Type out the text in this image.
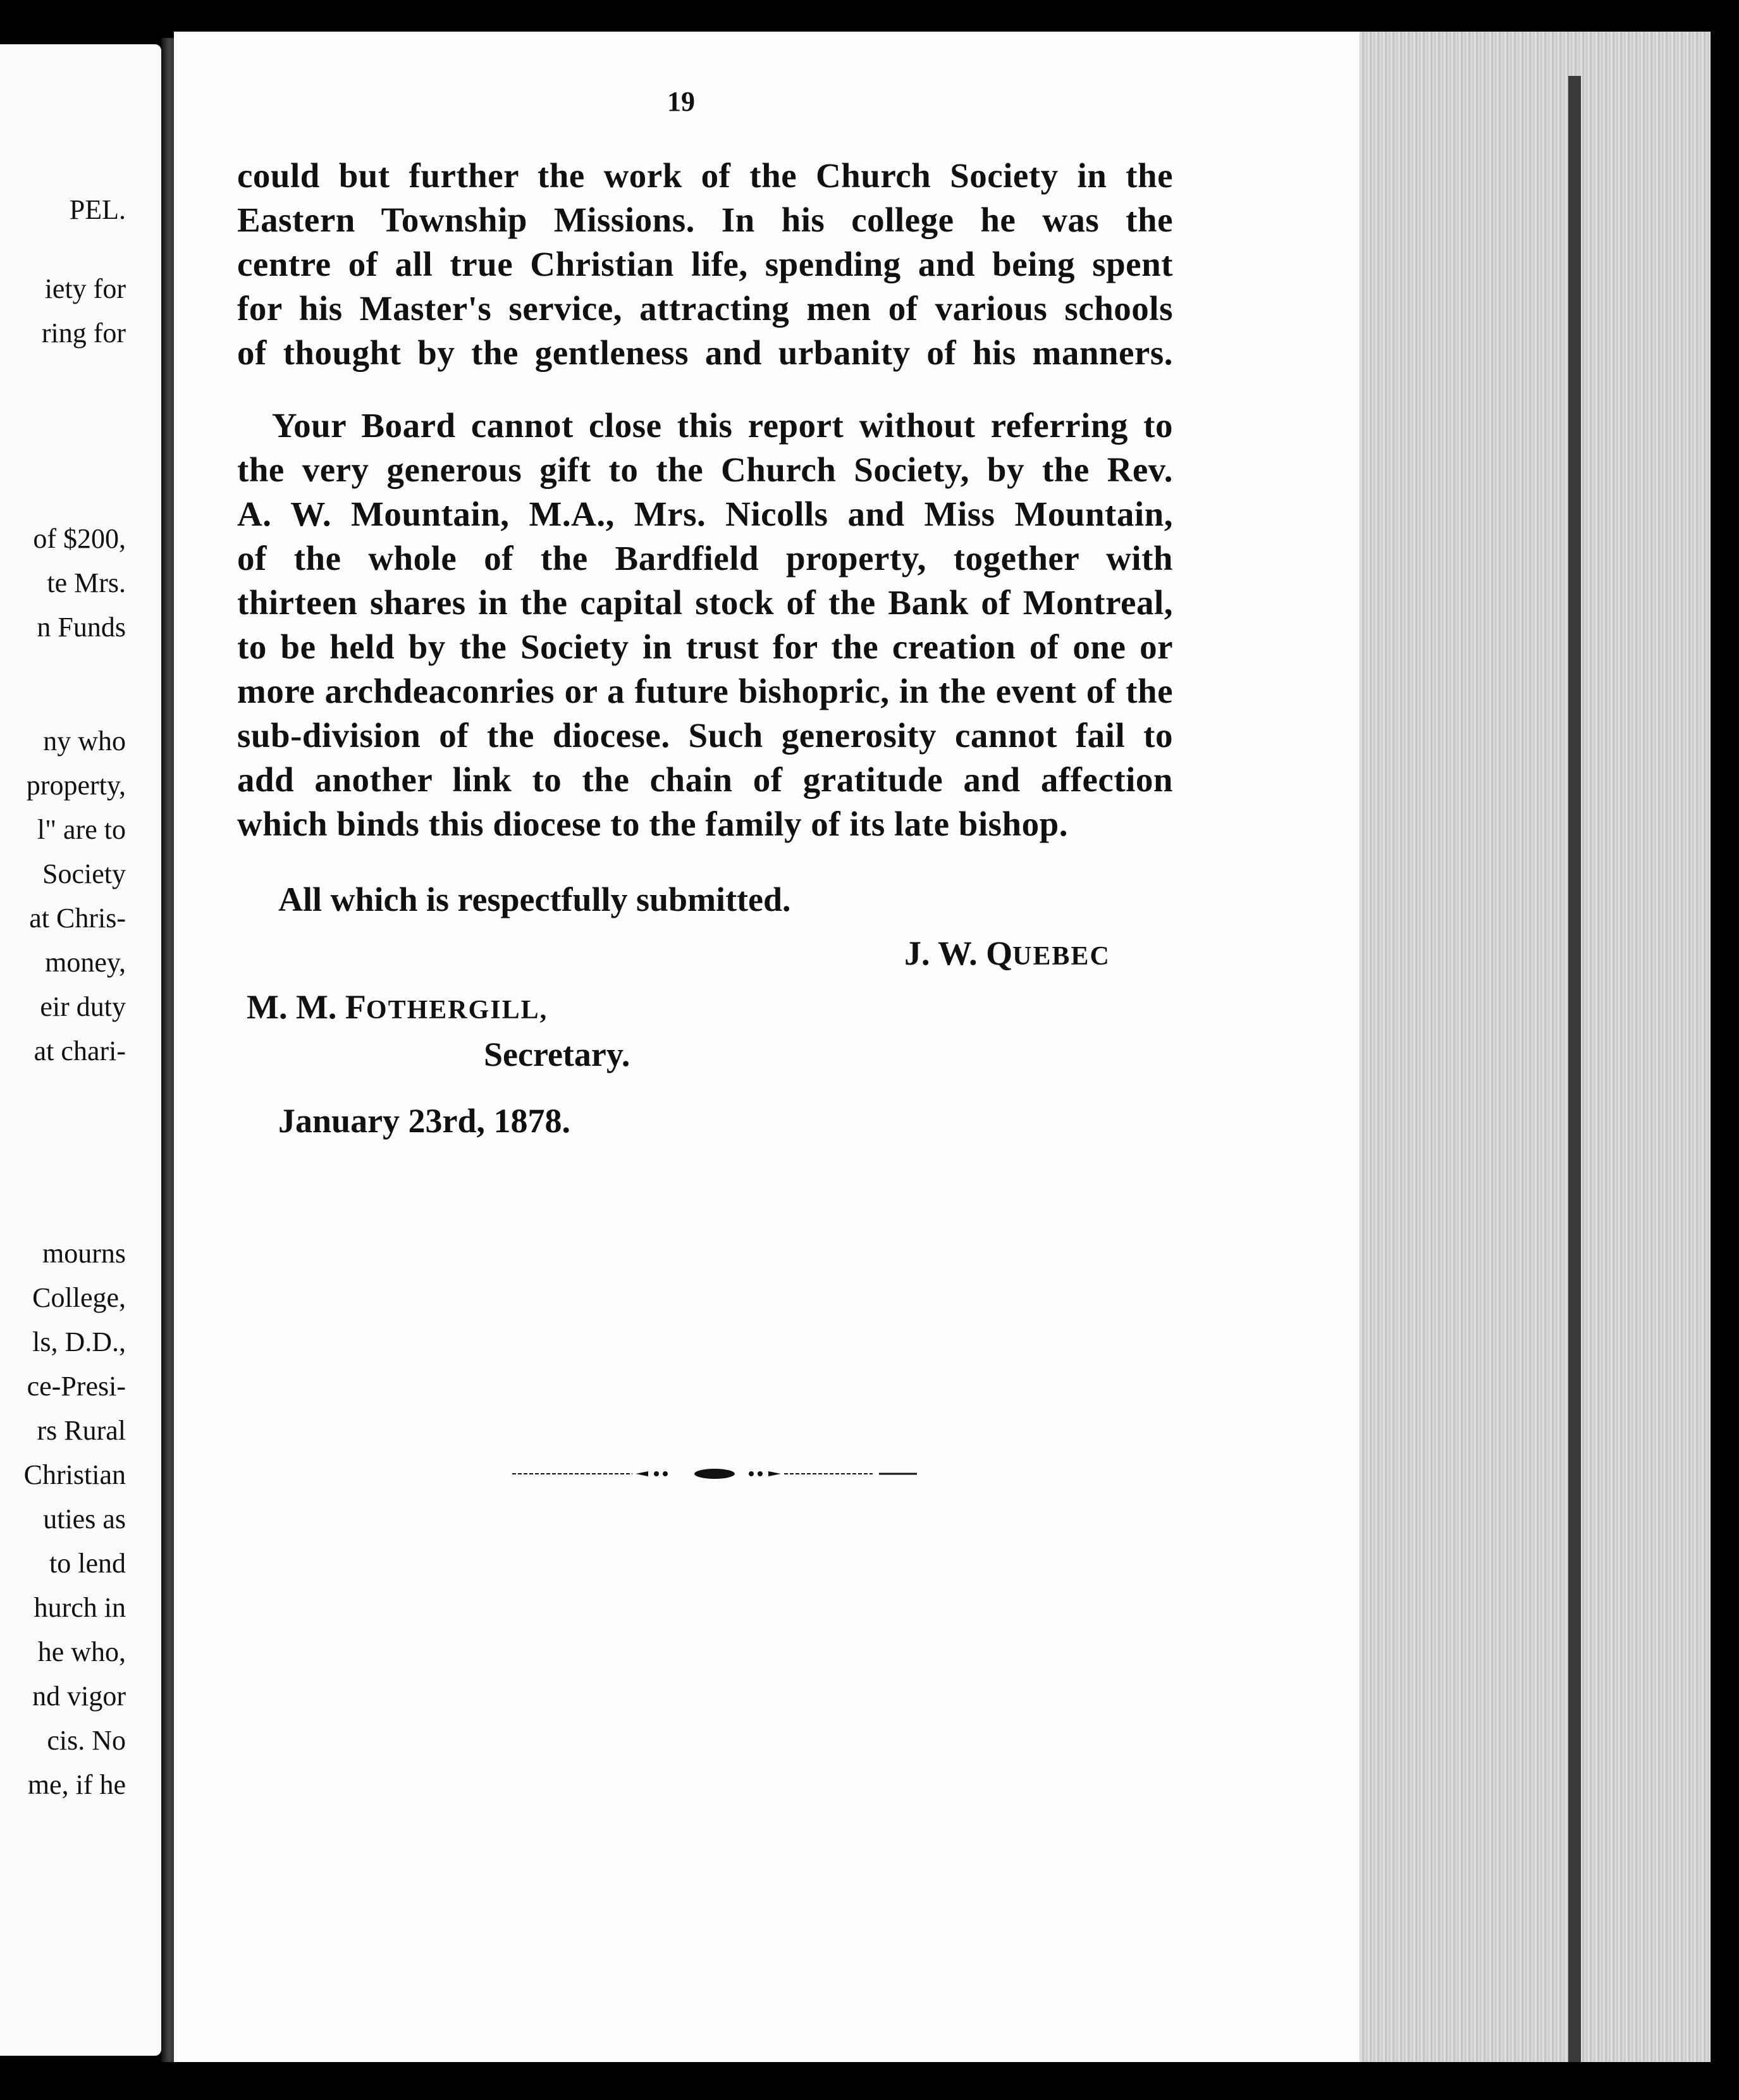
PEL.
iety for
ring for
of $200,
te Mrs.
n Funds
ny who
property,
l" are to
Society
at Chris-
money,
eir duty
at chari-
mourns
College,
ls, D.D.,
ce-Presi-
rs Rural
Christian
uties as
to lend
hurch in
he who,
nd vigor
cis. No
me, if he
19
could but further the work of the Church Society in the
Eastern Township Missions. In his college he was the
centre of all true Christian life, spending and being spent
for his Master's service, attracting men of various schools
of thought by the gentleness and urbanity of his manners.
Your Board cannot close this report without referring to
the very generous gift to the Church Society, by the Rev.
A. W. Mountain, M.A., Mrs. Nicolls and Miss Mountain,
of the whole of the Bardfield property, together with
thirteen shares in the capital stock of the Bank of Montreal,
to be held by the Society in trust for the creation of one or
more archdeaconries or a future bishopric, in the event of the
sub-division of the diocese. Such generosity cannot fail to
add another link to the chain of gratitude and affection
which binds this diocese to the family of its late bishop.
All which is respectfully submitted.
J. W. QUEBEC
M. M. FOTHERGILL,
Secretary.
January 23rd, 1878.
